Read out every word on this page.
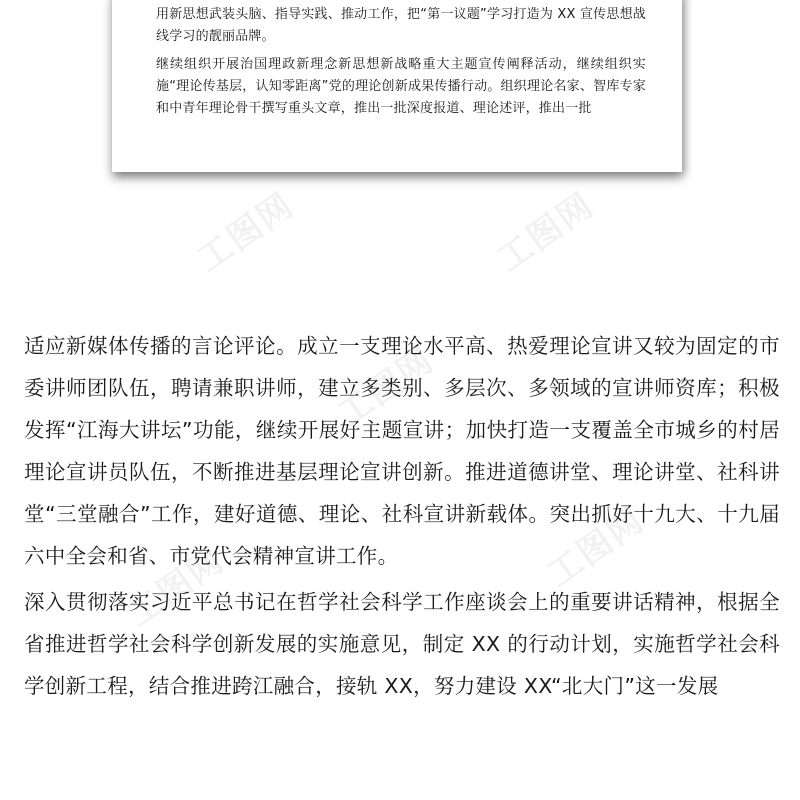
工图网	工图网
工图网
工图网	工图网

用新思想武装头脑、指导实践、推动工作，把“第一议题”学习打造为 XX 宣传思想战线学习的靓丽品牌。

继续组织开展治国理政新理念新思想新战略重大主题宣传阐释活动，继续组织实施“理论传基层，认知零距离”党的理论创新成果传播行动。组织理论名家、智库专家和中青年理论骨干撰写重头文章，推出一批深度报道、理论述评，推出一批

适应新媒体传播的言论评论。成立一支理论水平高、热爱理论宣讲又较为固定的市委讲师团队伍，聘请兼职讲师，建立多类别、多层次、多领域的宣讲师资库；积极发挥“江海大讲坛”功能，继续开展好主题宣讲；加快打造一支覆盖全市城乡的村居理论宣讲员队伍，不断推进基层理论宣讲创新。推进道德讲堂、理论讲堂、社科讲堂“三堂融合”工作，建好道德、理论、社科宣讲新载体。突出抓好十九大、十九届六中全会和省、市党代会精神宣讲工作。

深入贯彻落实习近平总书记在哲学社会科学工作座谈会上的重要讲话精神，根据全省推进哲学社会科学创新发展的实施意见，制定 XX 的行动计划，实施哲学社会科学创新工程，结合推进跨江融合，接轨 XX，努力建设 XX“北大门”这一发展
